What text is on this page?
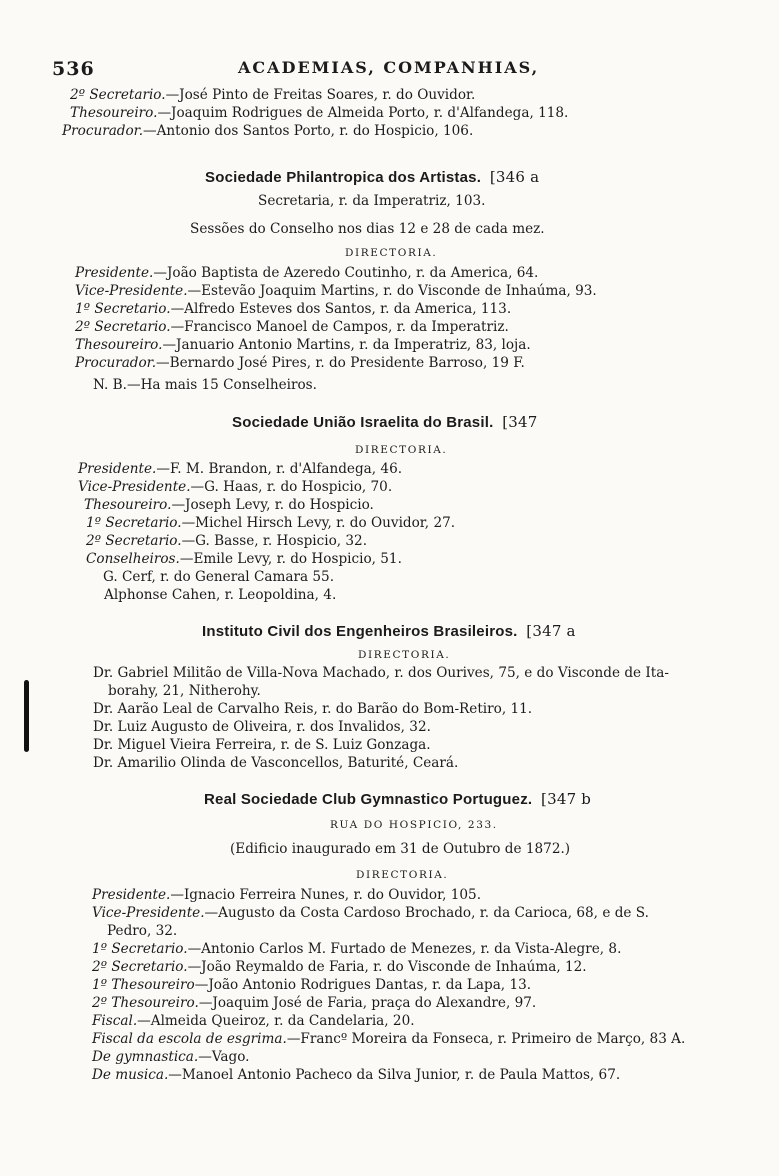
536	ACADEMIAS, COMPANHIAS,
2º Secretario.—José Pinto de Freitas Soares, r. do Ouvidor.
Thesoureiro.—Joaquim Rodrigues de Almeida Porto, r. d'Alfandega, 118.
Procurador.—Antonio dos Santos Porto, r. do Hospicio, 106.
Sociedade Philantropica dos Artistas. [346 a
Secretaria, r. da Imperatriz, 103.
Sessões do Conselho nos dias 12 e 28 de cada mez.
DIRECTORIA.
Presidente.—João Baptista de Azeredo Coutinho, r. da America, 64.
Vice-Presidente.—Estevão Joaquim Martins, r. do Visconde de Inhaúma, 93.
1º Secretario.—Alfredo Esteves dos Santos, r. da America, 113.
2º Secretario.—Francisco Manoel de Campos, r. da Imperatriz.
Thesoureiro.—Januario Antonio Martins, r. da Imperatriz, 83, loja.
Procurador.—Bernardo José Pires, r. do Presidente Barroso, 19 F.
N. B.—Ha mais 15 Conselheiros.
Sociedade União Israelita do Brasil. [347
DIRECTORIA.
Presidente.—F. M. Brandon, r. d'Alfandega, 46.
Vice-Presidente.—G. Haas, r. do Hospicio, 70.
Thesoureiro.—Joseph Levy, r. do Hospicio.
1º Secretario.—Michel Hirsch Levy, r. do Ouvidor, 27.
2º Secretario.—G. Basse, r. Hospicio, 32.
Conselheiros.—Emile Levy, r. do Hospicio, 51.
G. Cerf, r. do General Camara 55.
Alphonse Cahen, r. Leopoldina, 4.
Instituto Civil dos Engenheiros Brasileiros. [347 a
DIRECTORIA.
Dr. Gabriel Militão de Villa-Nova Machado, r. dos Ourives, 75, e do Visconde de Ita-
borahy, 21, Nitherohy.
Dr. Aarão Leal de Carvalho Reis, r. do Barão do Bom-Retiro, 11.
Dr. Luiz Augusto de Oliveira, r. dos Invalidos, 32.
Dr. Miguel Vieira Ferreira, r. de S. Luiz Gonzaga.
Dr. Amarilio Olinda de Vasconcellos, Baturité, Ceará.
Real Sociedade Club Gymnastico Portuguez. [347 b
RUA DO HOSPICIO, 233.
(Edificio inaugurado em 31 de Outubro de 1872.)
DIRECTORIA.
Presidente.—Ignacio Ferreira Nunes, r. do Ouvidor, 105.
Vice-Presidente.—Augusto da Costa Cardoso Brochado, r. da Carioca, 68, e de S.
Pedro, 32.
1º Secretario.—Antonio Carlos M. Furtado de Menezes, r. da Vista-Alegre, 8.
2º Secretario.—João Reymaldo de Faria, r. do Visconde de Inhaúma, 12.
1º Thesoureiro—João Antonio Rodrigues Dantas, r. da Lapa, 13.
2º Thesoureiro.—Joaquim José de Faria, praça do Alexandre, 97.
Fiscal.—Almeida Queiroz, r. da Candelaria, 20.
Fiscal da escola de esgrima.—Francº Moreira da Fonseca, r. Primeiro de Março, 83 A.
De gymnastica.—Vago.
De musica.—Manoel Antonio Pacheco da Silva Junior, r. de Paula Mattos, 67.
